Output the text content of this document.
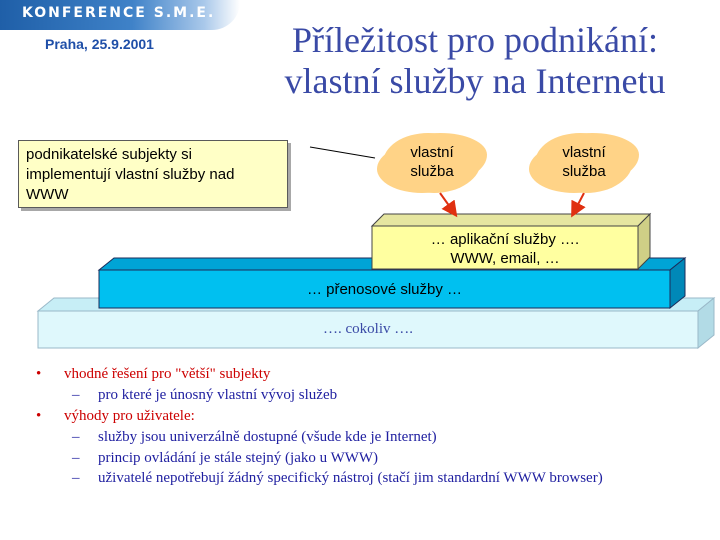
KONFERENCE S.M.E.
Praha, 25.9.2001	Příležitost pro podnikání:
vlastní služby na Internetu
vlastní
služba
vlastní
služba
… aplikační služby ….
WWW, email, …
… přenosové služby …
…. cokoliv ….
podnikatelské subjekty si implementují vlastní služby nad WWW
• vhodné řešení pro "větší" subjekty
– pro které je únosný vlastní vývoj služeb
• výhody pro uživatele:
– služby jsou univerzálně dostupné (všude kde je Internet)
– princip ovládání je stále stejný (jako u WWW)
– uživatelé nepotřebují žádný specifický nástroj (stačí jim standardní WWW browser)
